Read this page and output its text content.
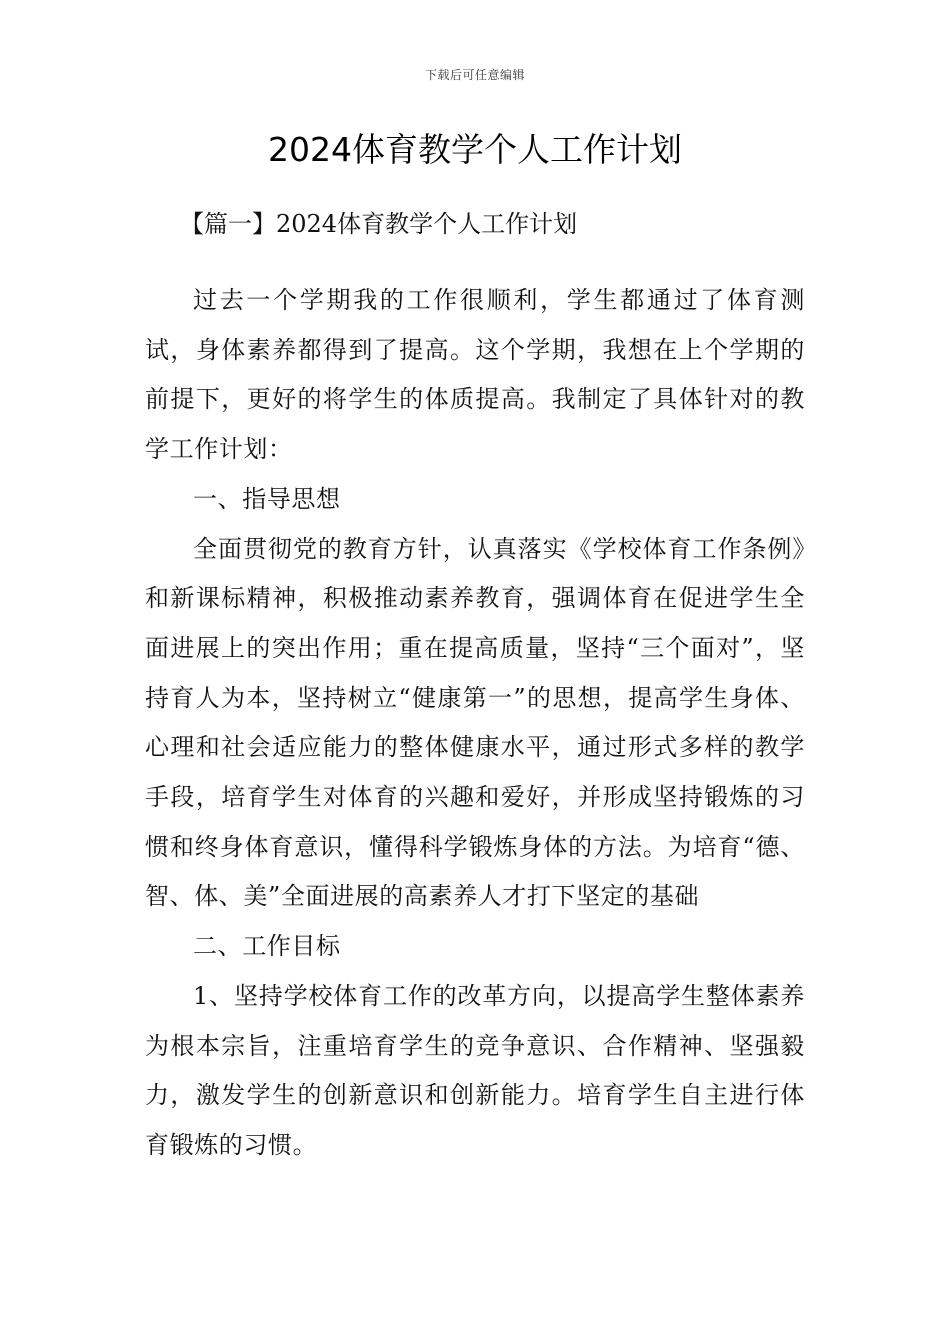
下载后可任意编辑
2024体育教学个人工作计划
【篇一】2024体育教学个人工作计划

过去一个学期我的工作很顺利，学生都通过了体育测试，身体素养都得到了提高。这个学期，我想在上个学期的前提下，更好的将学生的体质提高。我制定了具体针对的教学工作计划：

一、指导思想

全面贯彻党的教育方针，认真落实《学校体育工作条例》和新课标精神，积极推动素养教育，强调体育在促进学生全面进展上的突出作用；重在提高质量，坚持“三个面对”，坚持育人为本，坚持树立“健康第一”的思想，提高学生身体、心理和社会适应能力的整体健康水平，通过形式多样的教学手段，培育学生对体育的兴趣和爱好，并形成坚持锻炼的习惯和终身体育意识，懂得科学锻炼身体的方法。为培育“德、智、体、美”全面进展的高素养人才打下坚定的基础

二、工作目标

1、坚持学校体育工作的改革方向，以提高学生整体素养为根本宗旨，注重培育学生的竞争意识、合作精神、坚强毅力，激发学生的创新意识和创新能力。培育学生自主进行体育锻炼的习惯。
